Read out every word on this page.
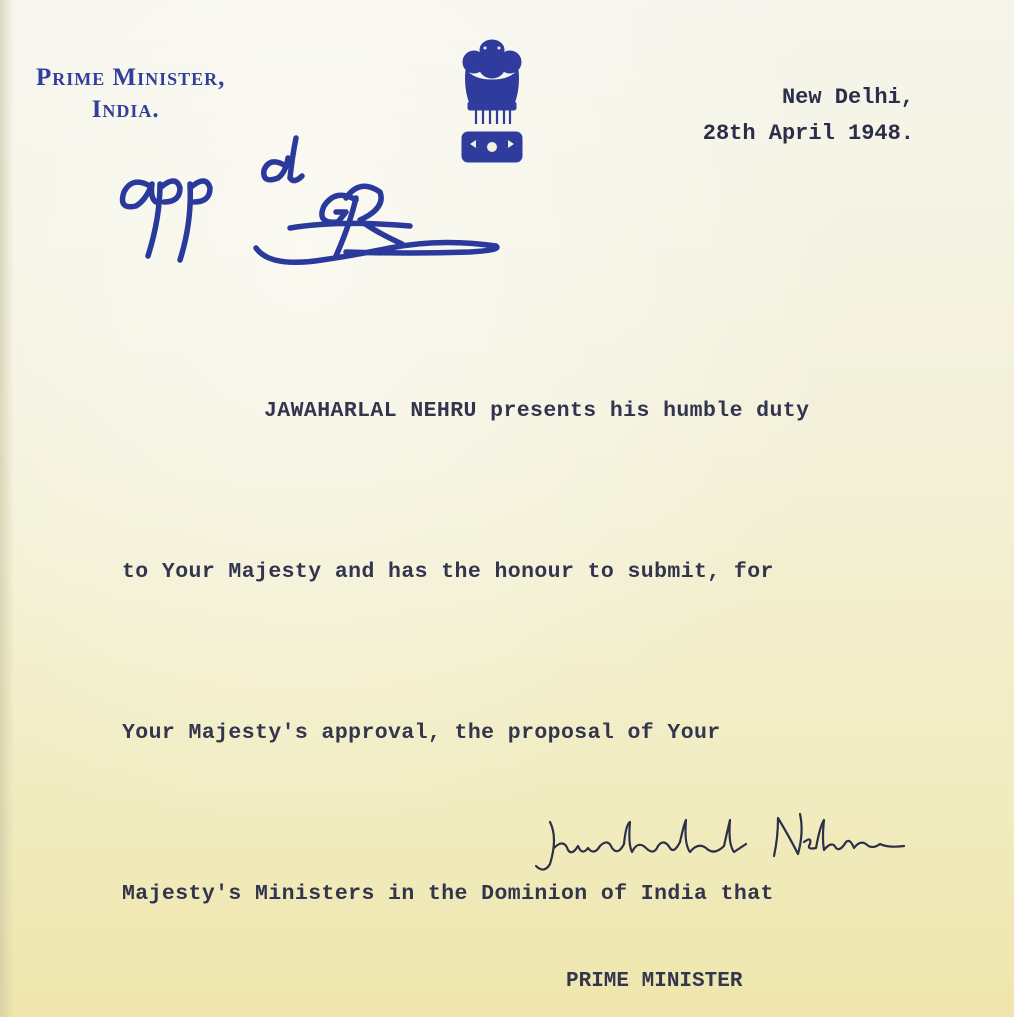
Prime Minister,
India.	New Delhi,
28th April 1948.

JAWAHARLAL NEHRU presents his humble duty

to Your Majesty and has the honour to submit, for

Your Majesty's approval, the proposal of Your

Majesty's Ministers in the Dominion of India that

PRIME MINISTER
